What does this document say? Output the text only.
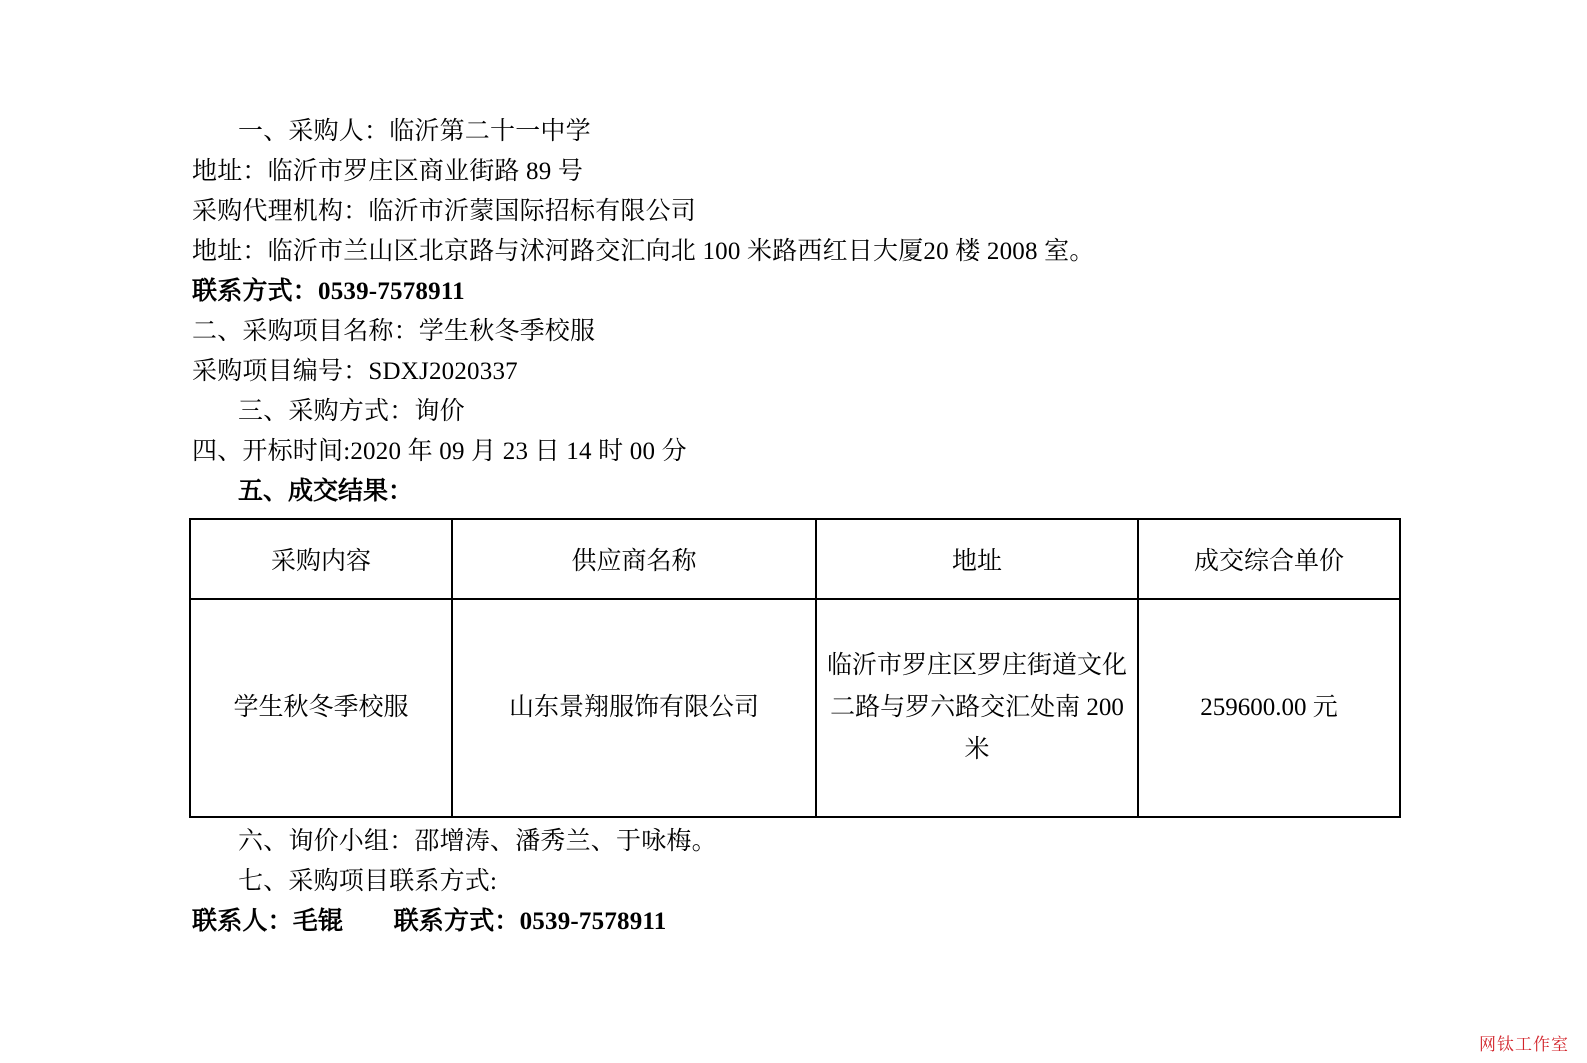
一、采购人：临沂第二十一中学
地址：临沂市罗庄区商业街路 89 号
采购代理机构：临沂市沂蒙国际招标有限公司
地址：临沂市兰山区北京路与沭河路交汇向北 100 米路西红日大厦20 楼 2008 室。
联系方式：0539-7578911
二、采购项目名称：学生秋冬季校服
采购项目编号：SDXJ2020337
三、采购方式：询价
四、开标时间:2020 年 09 月 23 日 14 时 00 分
五、成交结果：
采购内容	供应商名称	地址	成交综合单价
学生秋冬季校服	山东景翔服饰有限公司	临沂市罗庄区罗庄街道文化二路与罗六路交汇处南 200 米	259600.00 元
六、询价小组：邵增涛、潘秀兰、于咏梅。
七、采购项目联系方式:
联系人：毛锟　　联系方式：0539-7578911
网钛工作室
